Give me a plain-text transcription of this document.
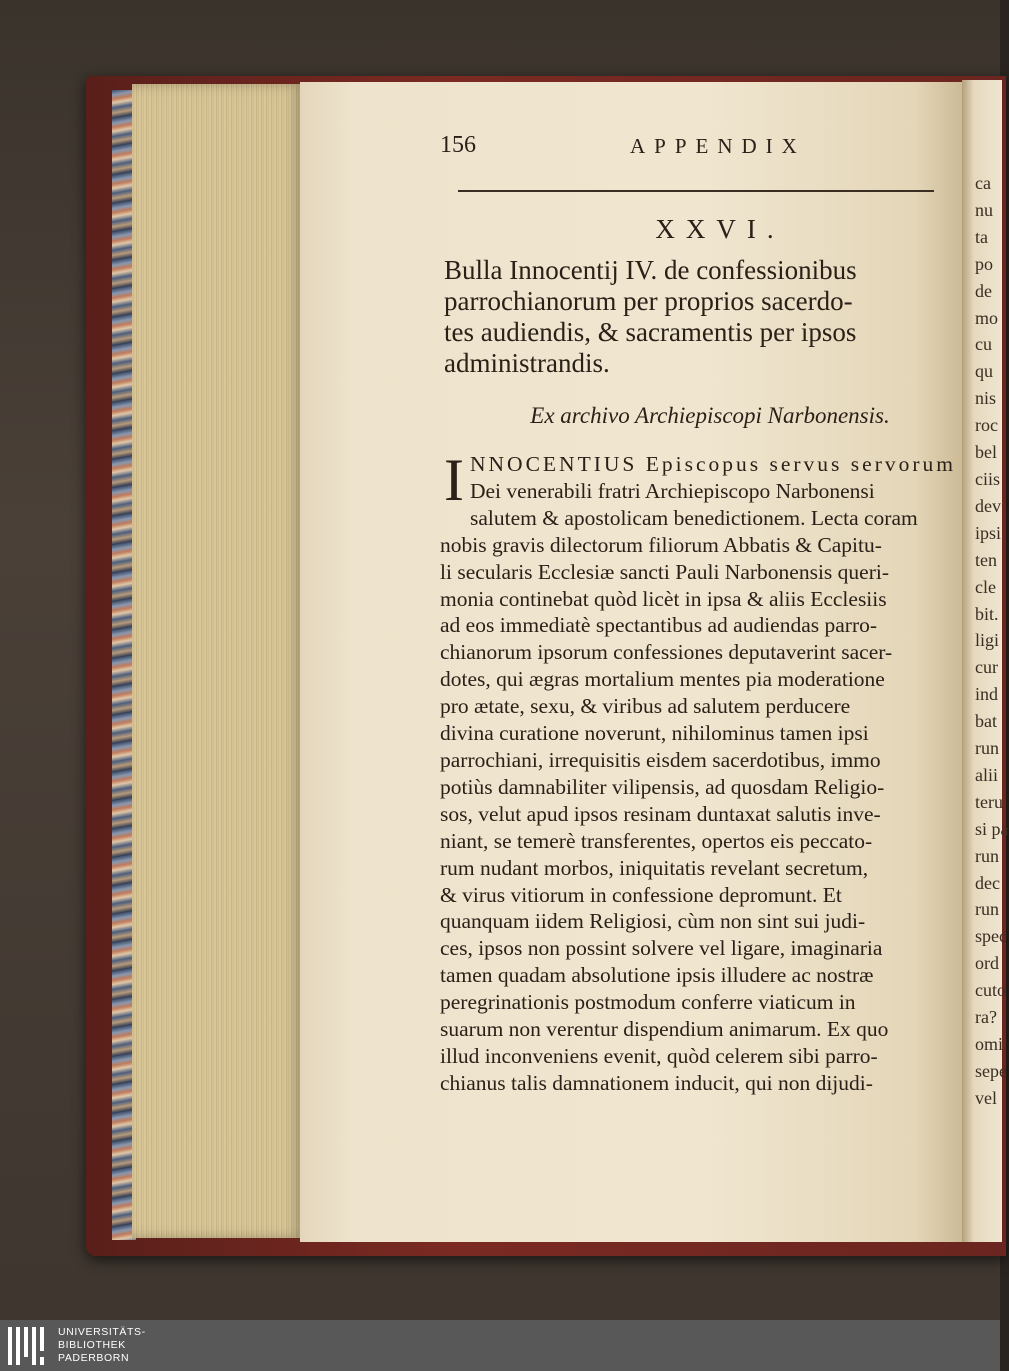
156	APPENDIX
XXVI.
Bulla Innocentij IV. de confessionibus
parrochianorum per proprios sacerdo-
tes audiendis, & sacramentis per ipsos
administrandis.
Ex archivo Archiepiscopi Narbonensis.
I NNOCENTIUS Episcopus servus servorum
Dei venerabili fratri Archiepiscopo Narbonensi
salutem & apostolicam benedictionem. Lecta coram
nobis gravis dilectorum filiorum Abbatis & Capitu-
li secularis Ecclesiæ sancti Pauli Narbonensis queri-
monia continebat quòd licèt in ipsa & aliis Ecclesiis
ad eos immediatè spectantibus ad audiendas parro-
chianorum ipsorum confessiones deputaverint sacer-
dotes, qui ægras mortalium mentes pia moderatione
pro ætate, sexu, & viribus ad salutem perducere
divina curatione noverunt, nihilominus tamen ipsi
parrochiani, irrequisitis eisdem sacerdotibus, immo
potiùs damnabiliter vilipensis, ad quosdam Religio-
sos, velut apud ipsos resinam duntaxat salutis inve-
niant, se temerè transferentes, opertos eis peccato-
rum nudant morbos, iniquitatis revelant secretum,
& virus vitiorum in confessione depromunt. Et
quanquam iidem Religiosi, cùm non sint sui judi-
ces, ipsos non possint solvere vel ligare, imaginaria
tamen quadam absolutione ipsis illudere ac nostræ
peregrinationis postmodum conferre viaticum in
suarum non verentur dispendium animarum. Ex quo
illud inconveniens evenit, quòd celerem sibi parro-
chianus talis damnationem inducit, qui non dijudi-
ca
nu
ta
po
de
mo
cu
qu
nis
roc
bel
ciis
dev
ipsi
ten
cle
bit.
ligi
cur
ind
bat
run
alii
teru
si pa
run
dec
run
spec
ord
cuto
ra?
omi
sepe
vel
UNIVERSITÄTS-
BIBLIOTHEK
PADERBORN
